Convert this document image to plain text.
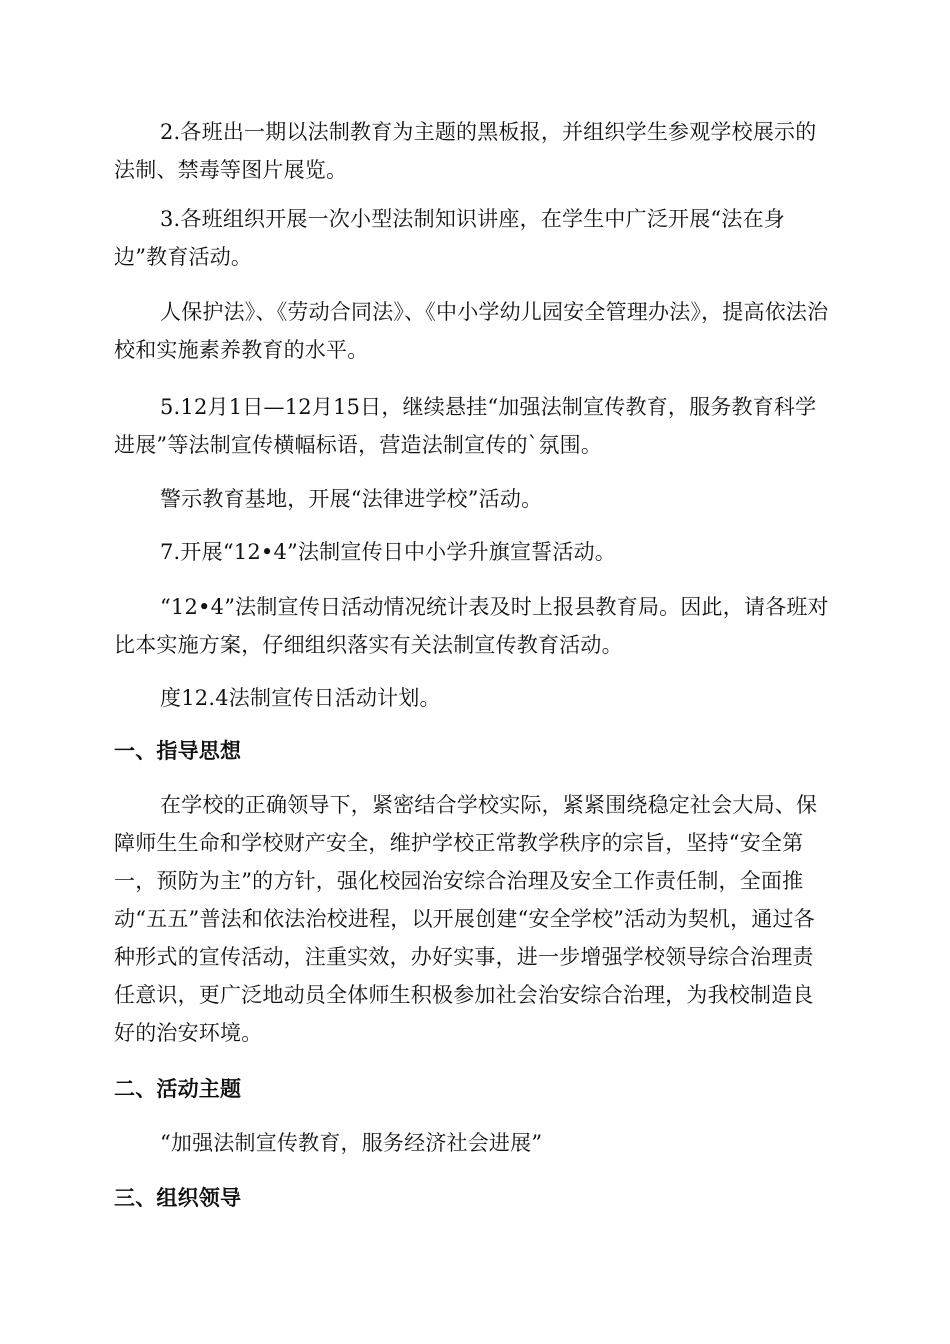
2.各班出一期以法制教育为主题的黑板报，并组织学生参观学校展示的法制、禁毒等图片展览。
3.各班组织开展一次小型法制知识讲座，在学生中广泛开展“法在身边”教育活动。
人保护法》、《劳动合同法》、《中小学幼儿园安全管理办法》，提高依法治校和实施素养教育的水平。
5.12月1日—12月15日，继续悬挂“加强法制宣传教育，服务教育科学进展”等法制宣传横幅标语，营造法制宣传的`氛围。
警示教育基地，开展“法律进学校”活动。
7.开展“12•4”法制宣传日中小学升旗宣誓活动。
“12•4”法制宣传日活动情况统计表及时上报县教育局。因此，请各班对比本实施方案，仔细组织落实有关法制宣传教育活动。
度12.4法制宣传日活动计划。
一、指导思想
在学校的正确领导下，紧密结合学校实际，紧紧围绕稳定社会大局、保障师生生命和学校财产安全，维护学校正常教学秩序的宗旨，坚持“安全第一，预防为主”的方针，强化校园治安综合治理及安全工作责任制，全面推动“五五”普法和依法治校进程，以开展创建“安全学校”活动为契机，通过各种形式的宣传活动，注重实效，办好实事，进一步增强学校领导综合治理责任意识，更广泛地动员全体师生积极参加社会治安综合治理，为我校制造良好的治安环境。
二、活动主题
“加强法制宣传教育，服务经济社会进展”
三、组织领导
